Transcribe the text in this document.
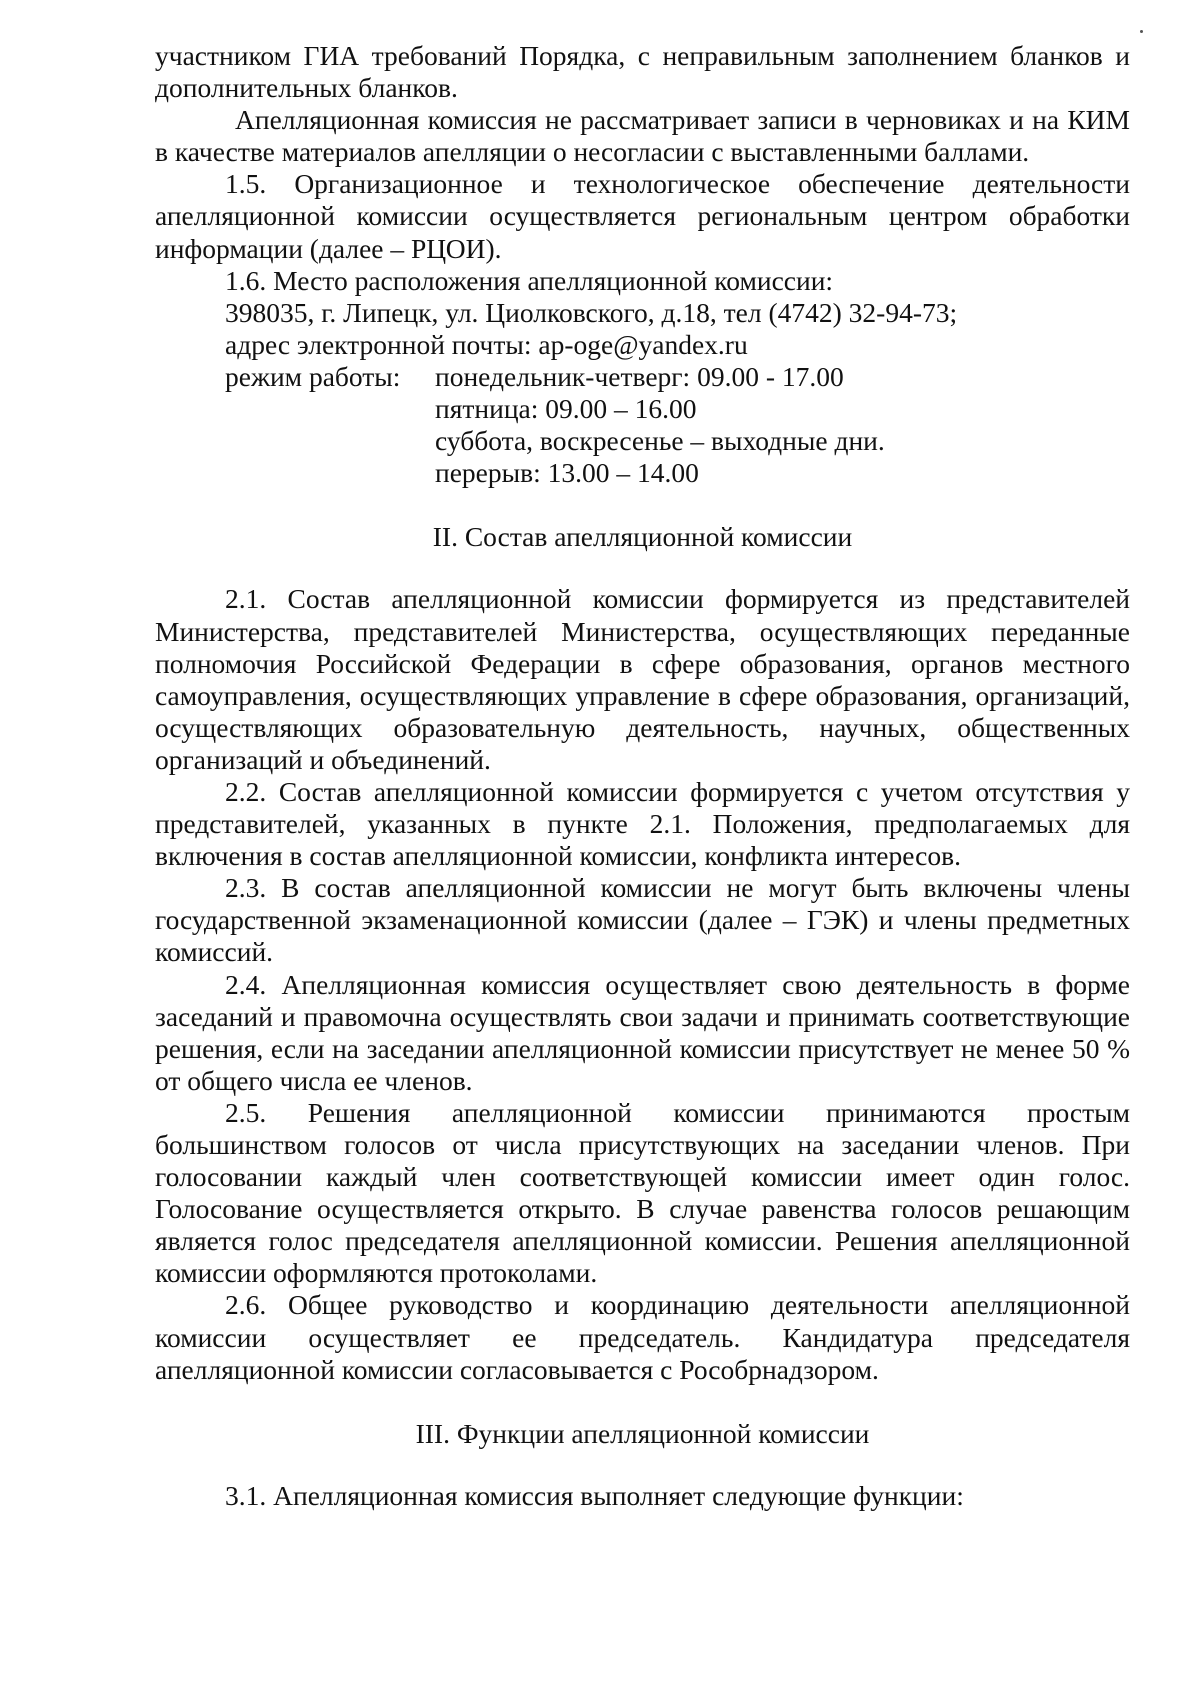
участником ГИА требований Порядка, с неправильным заполнением бланков и дополнительных бланков.

Апелляционная комиссия не рассматривает записи в черновиках и на КИМ в качестве материалов апелляции о несогласии с выставленными баллами.

1.5. Организационное и технологическое обеспечение деятельности апелляционной комиссии осуществляется региональным центром обработки информации (далее – РЦОИ).

1.6. Место расположения апелляционной комиссии:

398035, г. Липецк, ул. Циолковского, д.18, тел (4742) 32-94-73;

адрес электронной почты: ap-oge@yandex.ru

режим работы:	понедельник-четверг: 09.00 - 17.00
пятница: 09.00 – 16.00
суббота, воскресенье – выходные дни.
перерыв: 13.00 – 14.00
II. Состав апелляционной комиссии

2.1. Состав апелляционной комиссии формируется из представителей Министерства, представителей Министерства, осуществляющих переданные полномочия Российской Федерации в сфере образования, органов местного самоуправления, осуществляющих управление в сфере образования, организаций, осуществляющих образовательную деятельность, научных, общественных организаций и объединений.

2.2. Состав апелляционной комиссии формируется с учетом отсутствия у представителей, указанных в пункте 2.1. Положения, предполагаемых для включения в состав апелляционной комиссии, конфликта интересов.

2.3. В состав апелляционной комиссии не могут быть включены члены государственной экзаменационной комиссии (далее – ГЭК) и члены предметных комиссий.

2.4. Апелляционная комиссия осуществляет свою деятельность в форме заседаний и правомочна осуществлять свои задачи и принимать соответствующие решения, если на заседании апелляционной комиссии присутствует не менее 50 % от общего числа ее членов.

2.5. Решения апелляционной комиссии принимаются простым большинством голосов от числа присутствующих на заседании членов. При голосовании каждый член соответствующей комиссии имеет один голос. Голосование осуществляется открыто. В случае равенства голосов решающим является голос председателя апелляционной комиссии. Решения апелляционной комиссии оформляются протоколами.

2.6. Общее руководство и координацию деятельности апелляционной комиссии осуществляет ее председатель. Кандидатура председателя апелляционной комиссии согласовывается с Рособрнадзором.

III. Функции апелляционной комиссии

3.1. Апелляционная комиссия выполняет следующие функции:
